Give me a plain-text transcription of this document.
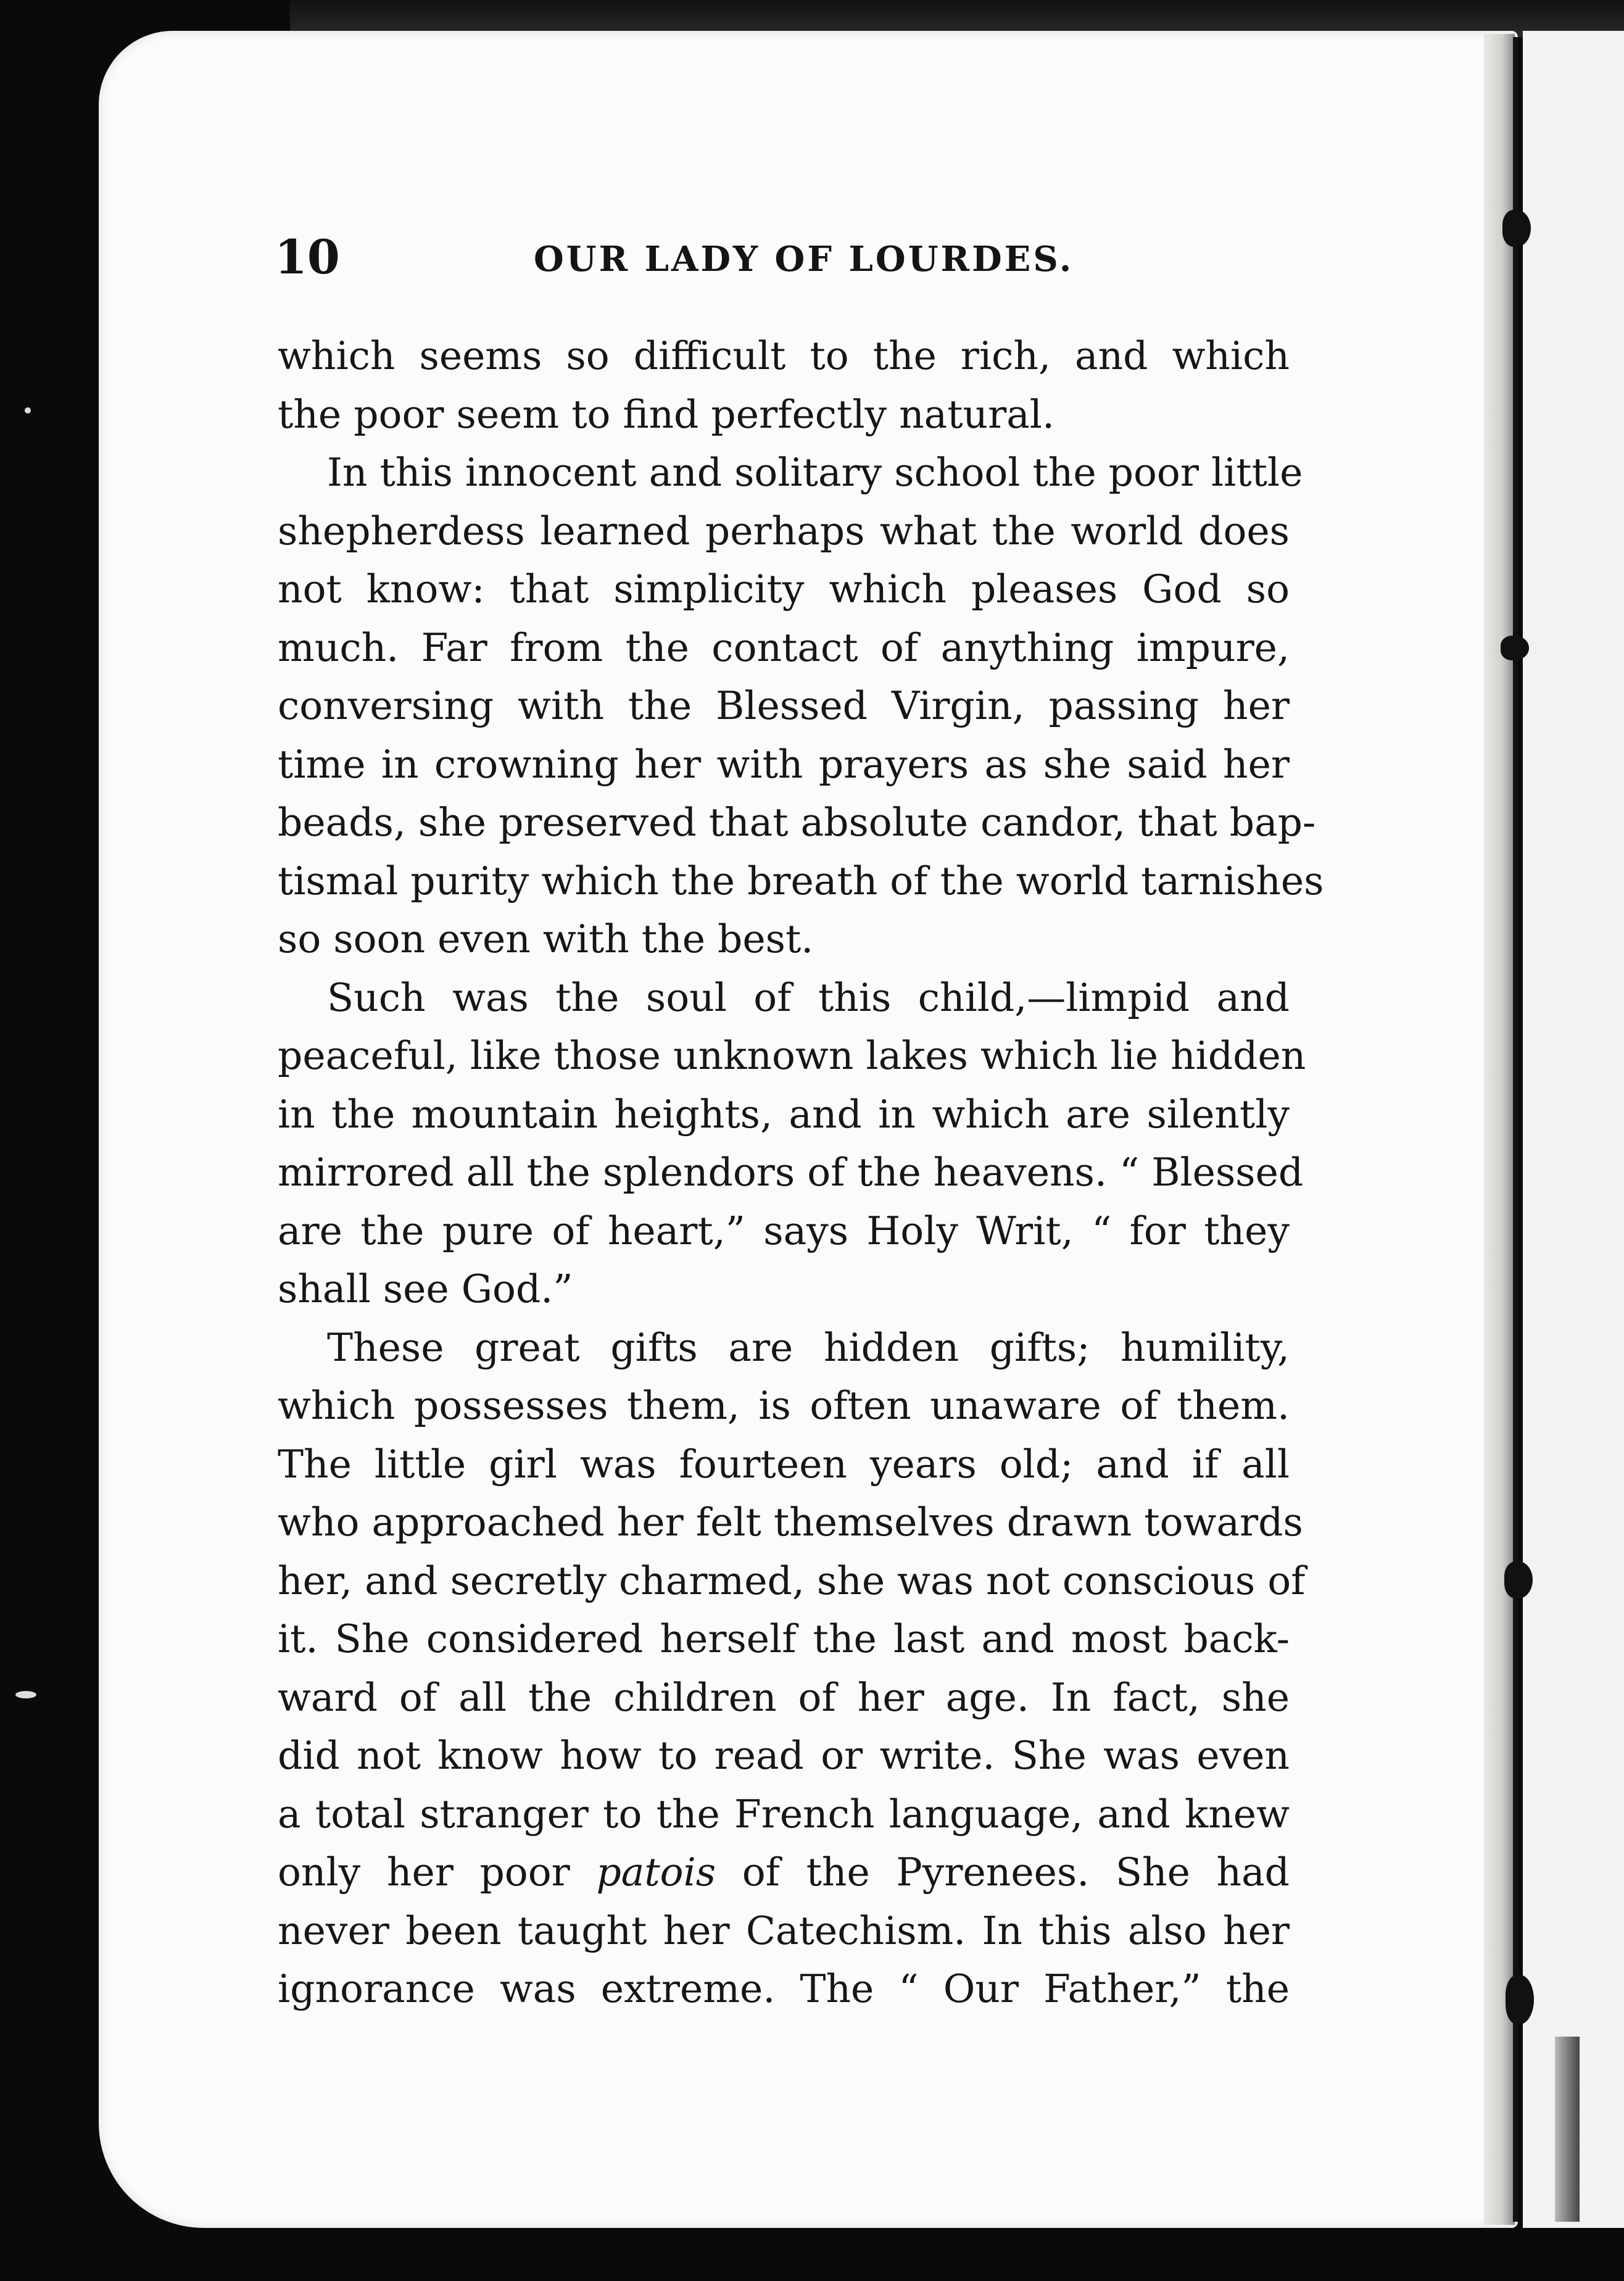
10	OUR LADY OF LOURDES.
which seems so difficult to the rich, and which
the poor seem to find perfectly natural.
In this innocent and solitary school the poor little
shepherdess learned perhaps what the world does
not know: that simplicity which pleases God so
much. Far from the contact of anything impure,
conversing with the Blessed Virgin, passing her
time in crowning her with prayers as she said her
beads, she preserved that absolute candor, that bap-
tismal purity which the breath of the world tarnishes
so soon even with the best.
Such was the soul of this child,—limpid and
peaceful, like those unknown lakes which lie hidden
in the mountain heights, and in which are silently
mirrored all the splendors of the heavens. “ Blessed
are the pure of heart,” says Holy Writ, “ for they
shall see God.”
These great gifts are hidden gifts; humility,
which possesses them, is often unaware of them.
The little girl was fourteen years old; and if all
who approached her felt themselves drawn towards
her, and secretly charmed, she was not conscious of
it. She considered herself the last and most back-
ward of all the children of her age. In fact, she
did not know how to read or write. She was even
a total stranger to the French language, and knew
only her poor patois of the Pyrenees. She had
never been taught her Catechism. In this also her
ignorance was extreme. The “ Our Father,” the
